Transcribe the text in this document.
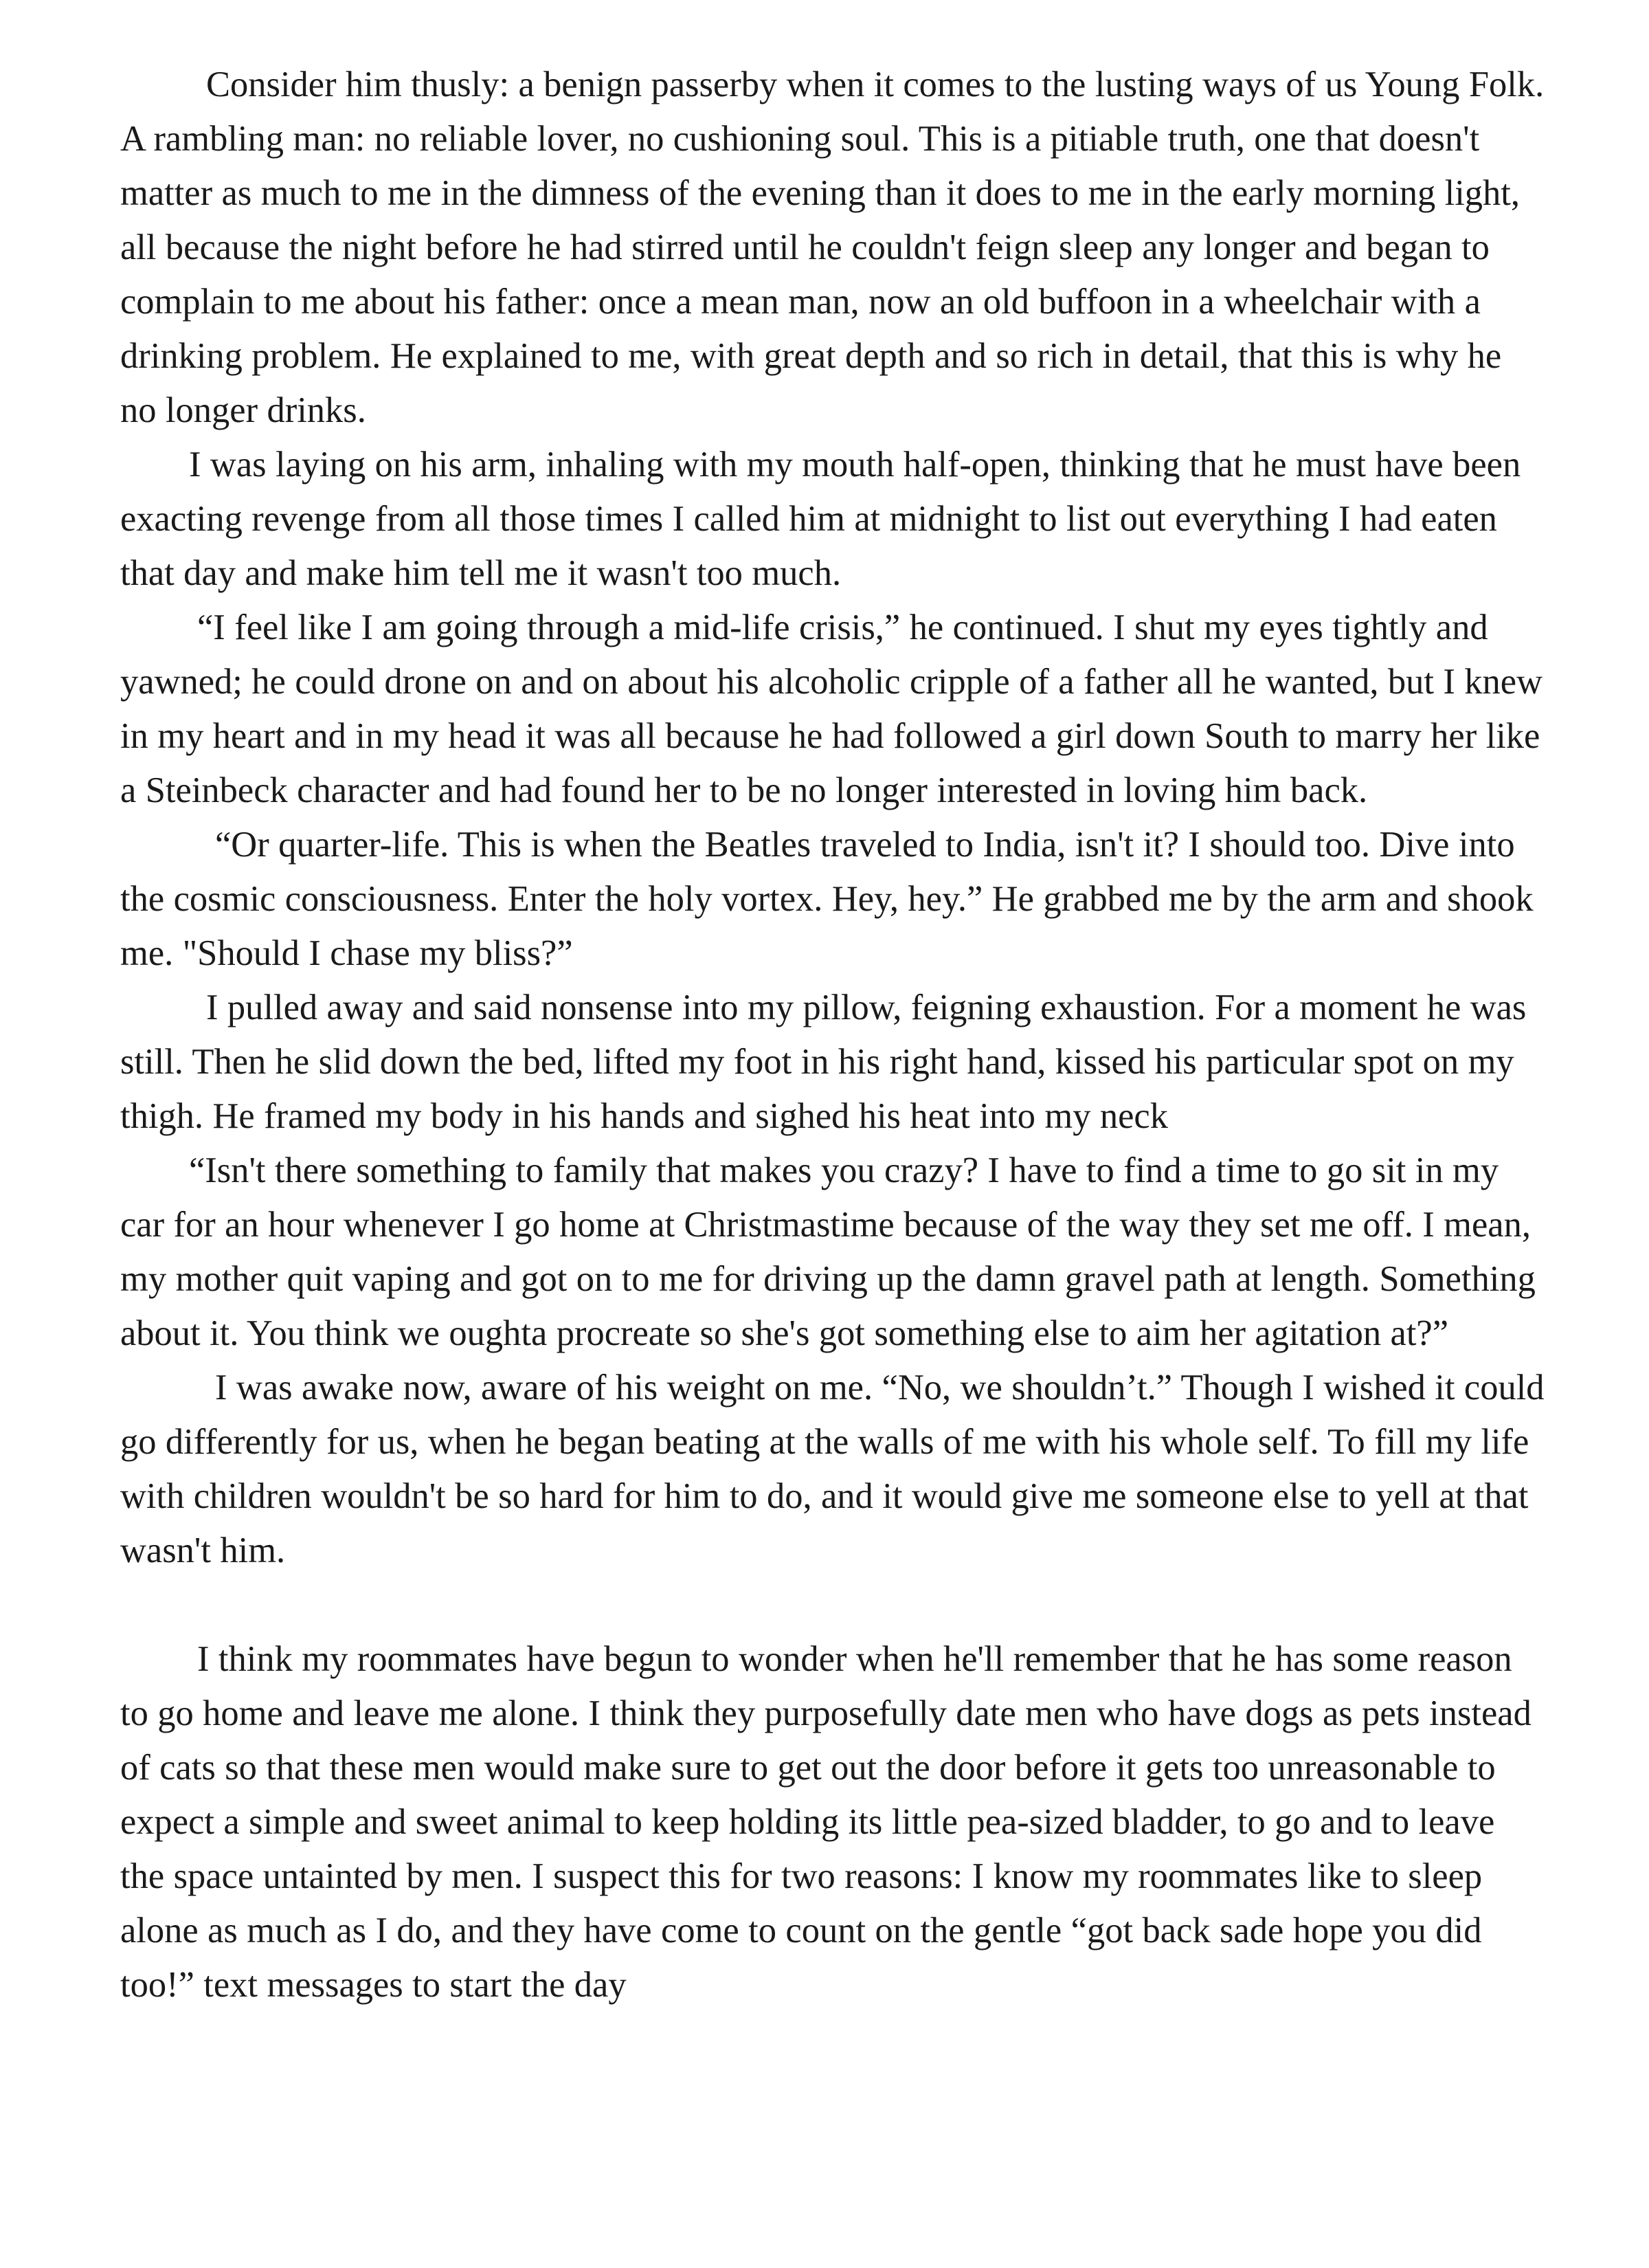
Consider him thusly: a benign passerby when it comes to the lusting ways of us Young Folk. A rambling man: no reliable lover, no cushioning soul. This is a pitiable truth, one that doesn't matter as much to me in the dimness of the evening than it does to me in the early morning light, all because the night before he had stirred until he couldn't feign sleep any longer and began to complain to me about his father: once a mean man, now an old buffoon in a wheelchair with a drinking problem. He explained to me, with great depth and so rich in detail, that this is why he no longer drinks.

I was laying on his arm, inhaling with my mouth half-open, thinking that he must have been exacting revenge from all those times I called him at midnight to list out everything I had eaten that day and make him tell me it wasn't too much.

“I feel like I am going through a mid-life crisis,” he continued. I shut my eyes tightly and yawned; he could drone on and on about his alcoholic cripple of a father all he wanted, but I knew in my heart and in my head it was all because he had followed a girl down South to marry her like a Steinbeck character and had found her to be no longer interested in loving him back.

“Or quarter-life. This is when the Beatles traveled to India, isn't it? I should too. Dive into the cosmic consciousness. Enter the holy vortex. Hey, hey.” He grabbed me by the arm and shook me. "Should I chase my bliss?”

I pulled away and said nonsense into my pillow, feigning exhaustion. For a moment he was still. Then he slid down the bed, lifted my foot in his right hand, kissed his particular spot on my thigh. He framed my body in his hands and sighed his heat into my neck

“Isn't there something to family that makes you crazy? I have to find a time to go sit in my car for an hour whenever I go home at Christmastime because of the way they set me off. I mean, my mother quit vaping and got on to me for driving up the damn gravel path at length. Something about it. You think we oughta procreate so she's got something else to aim her agitation at?”

I was awake now, aware of his weight on me. “No, we shouldn’t.” Though I wished it could go differently for us, when he began beating at the walls of me with his whole self. To fill my life with children wouldn't be so hard for him to do, and it would give me someone else to yell at that wasn't him.

I think my roommates have begun to wonder when he'll remember that he has some reason to go home and leave me alone. I think they purposefully date men who have dogs as pets instead of cats so that these men would make sure to get out the door before it gets too unreasonable to expect a simple and sweet animal to keep holding its little pea-sized bladder, to go and to leave the space untainted by men. I suspect this for two reasons: I know my roommates like to sleep alone as much as I do, and they have come to count on the gentle “got back sade hope you did too!” text messages to start the day
